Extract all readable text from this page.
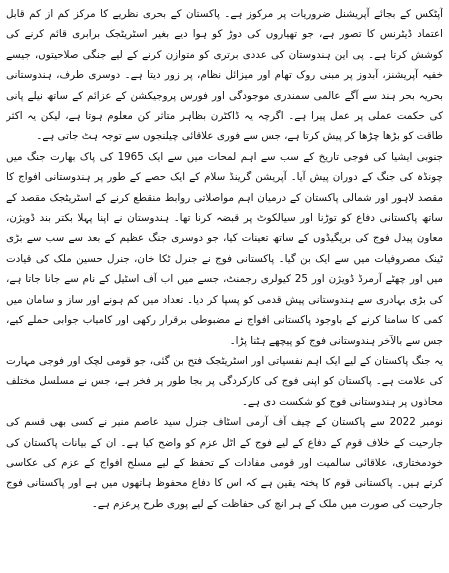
آپٹکس کے بجائے آپریشنل ضروریات پر مرکوز ہے۔ پاکستان کے بحری نظریے کا مرکز کم از کم قابل اعتماد ڈیٹرنس کا تصور ہے، جو تھیاروں کی دوڑ کو ہوا دیے بغیر اسٹریٹجک برابری قائم کرنے کی کوشش کرتا ہے۔ پی این ہندوستان کی عددی برتری کو متوازن کرنے کے لیے جنگی صلاحیتوں، جیسے خفیہ آپریشنز، آبدوز پر مبنی روک تھام اور میزائل نظام، پر زور دیتا ہے۔ دوسری طرف، ہندوستانی بحریہ بحر ہند سے آگے عالمی سمندری موجودگی اور فورس پروجیکشن کے عزائم کے ساتھ نیلے پانی کی حکمت عملی پر عمل پیرا ہے۔ اگرچہ یہ ڈاکٹرن بظاہر متاثر کن معلوم ہوتا ہے، لیکن یہ اکثر طاقت کو بڑھا چڑھا کر پیش کرتا ہے، جس سے فوری علاقائی چیلنجوں سے توجہ ہٹ جاتی ہے۔

جنوبی ایشیا کی فوجی تاریخ کے سب سے اہم لمحات میں سے ایک 1965 کی پاک بھارت جنگ میں چونڈہ کی جنگ کے دوران پیش آیا۔ آپریشن گرینڈ سلام کے ایک حصے کے طور پر ہندوستانی افواج کا مقصد لاہور اور شمالی پاکستان کے درمیان اہم مواصلاتی روابط منقطع کرنے کے اسٹریٹجک مقصد کے ساتھ پاکستانی دفاع کو توڑنا اور سیالکوٹ پر قبضہ کرنا تھا۔ ہندوستان نے اپنا پہلا بکتر بند ڈویژن، معاون پیدل فوج کی بریگیڈوں کے ساتھ تعینات کیا، جو دوسری جنگ عظیم کے بعد سے سب سے بڑی ٹینک مصروفیات میں سے ایک بن گیا۔ پاکستانی فوج نے جنرل ٹکا خان، جنرل حسین ملک کی قیادت میں اور چھٹے آرمرڈ ڈویژن اور 25 کیولری رجمنٹ، جسے میں اب آف اسٹیل کے نام سے جانا جاتا ہے، کی بڑی بہادری سے ہندوستانی پیش قدمی کو پسپا کر دیا۔ تعداد میں کم ہونے اور ساز و سامان میں کمی کا سامنا کرنے کے باوجود پاکستانی افواج نے مضبوطی برقرار رکھی اور کامیاب جوابی حملے کیے، جس سے بالآخر ہندوستانی فوج کو پیچھے ہٹنا پڑا۔

یہ جنگ پاکستان کے لیے ایک اہم نفسیاتی اور اسٹریٹجک فتح بن گئی، جو قومی لچک اور فوجی مہارت کی علامت ہے۔ پاکستان کو اپنی فوج کی کارکردگی پر بجا طور پر فخر ہے، جس نے مسلسل مختلف محاذوں پر ہندوستانی فوج کو شکست دی ہے۔

نومبر 2022 سے پاکستان کے چیف آف آرمی اسٹاف جنرل سید عاصم منیر نے کسی بھی قسم کی جارحیت کے خلاف قوم کے دفاع کے لیے فوج کے اٹل عزم کو واضح کیا ہے۔ ان کے بیانات پاکستان کی خودمختاری، علاقائی سالمیت اور قومی مفادات کے تحفظ کے لیے مسلح افواج کے عزم کی عکاسی کرتے ہیں۔ پاکستانی قوم کا پختہ یقین ہے کہ اس کا دفاع محفوظ ہاتھوں میں ہے اور پاکستانی فوج جارحیت کی صورت میں ملک کے ہر انچ کی حفاظت کے لیے پوری طرح پرعزم ہے۔
